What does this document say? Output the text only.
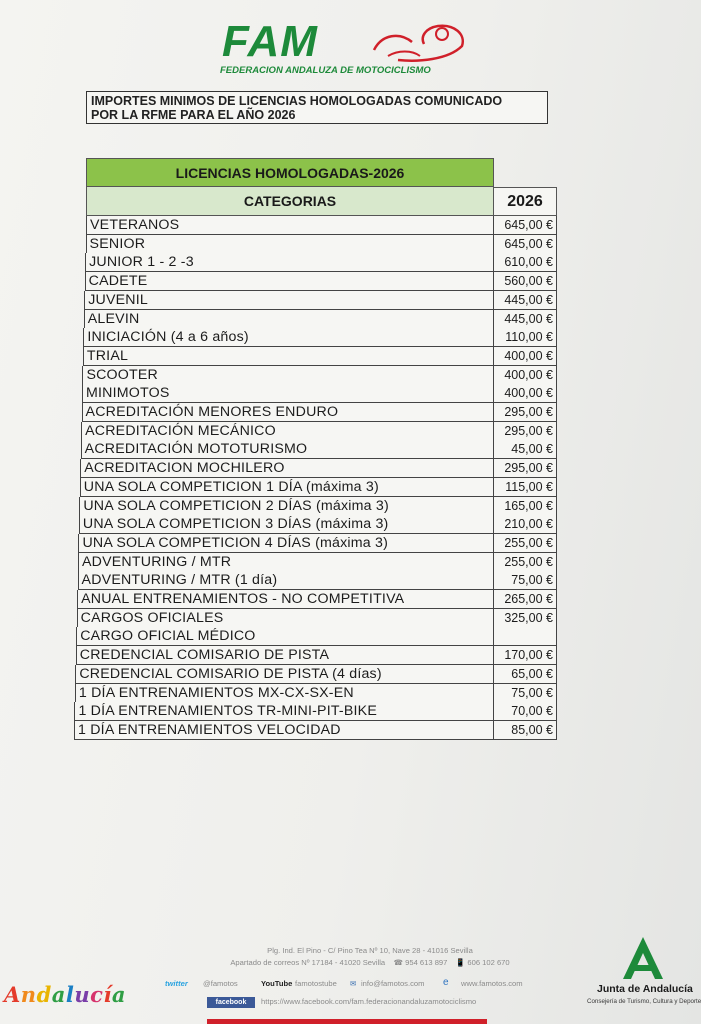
FAM
FEDERACION ANDALUZA DE MOTOCICLISMO
IMPORTES MINIMOS DE LICENCIAS HOMOLOGADAS COMUNICADO
POR LA RFME PARA EL AÑO 2026
LICENCIAS HOMOLOGADAS-2026
CATEGORIAS	2026
VETERANOS	645,00 €
SENIOR	645,00 €
JUNIOR 1 - 2 -3	610,00 €
CADETE	560,00 €
JUVENIL	445,00 €
ALEVIN	445,00 €
INICIACIÓN (4 a 6 años)	110,00 €
TRIAL	400,00 €
SCOOTER	400,00 €
MINIMOTOS	400,00 €
ACREDITACIÓN MENORES ENDURO	295,00 €
ACREDITACIÓN MECÁNICO	295,00 €
ACREDITACIÓN MOTOTURISMO	45,00 €
ACREDITACION MOCHILERO	295,00 €
UNA SOLA COMPETICION 1 DÍA (máxima 3)	115,00 €
UNA SOLA COMPETICION 2 DÍAS (máxima 3)	165,00 €
UNA SOLA COMPETICION 3 DÍAS (máxima 3)	210,00 €
UNA SOLA COMPETICION 4 DÍAS (máxima 3)	255,00 €
ADVENTURING / MTR	255,00 €
ADVENTURING / MTR (1 día)	75,00 €
ANUAL ENTRENAMIENTOS - NO COMPETITIVA	265,00 €
CARGOS OFICIALES	325,00 €
CARGO OFICIAL MÉDICO
CREDENCIAL COMISARIO DE PISTA	170,00 €
CREDENCIAL COMISARIO DE PISTA (4 días)	65,00 €
1 DÍA ENTRENAMIENTOS MX-CX-SX-EN	75,00 €
1 DÍA ENTRENAMIENTOS TR-MINI-PIT-BIKE	70,00 €
1 DÍA ENTRENAMIENTOS VELOCIDAD	85,00 €
Plg. Ind. El Pino - C/ Pino Tea Nº 10, Nave 28 - 41016 Sevilla
Apartado de correos Nº 17184 - 41020 Sevilla ☎ 954 613 897 📱 606 102 670
twitter @famotos	YouTube famotostube ✉ info@famotos.com e www.famotos.com
facebook	https://www.facebook.com/fam.federacionandaluzamotociclismo
Andalucía	Junta de Andalucía
Consejería de Turismo, Cultura y Deporte
